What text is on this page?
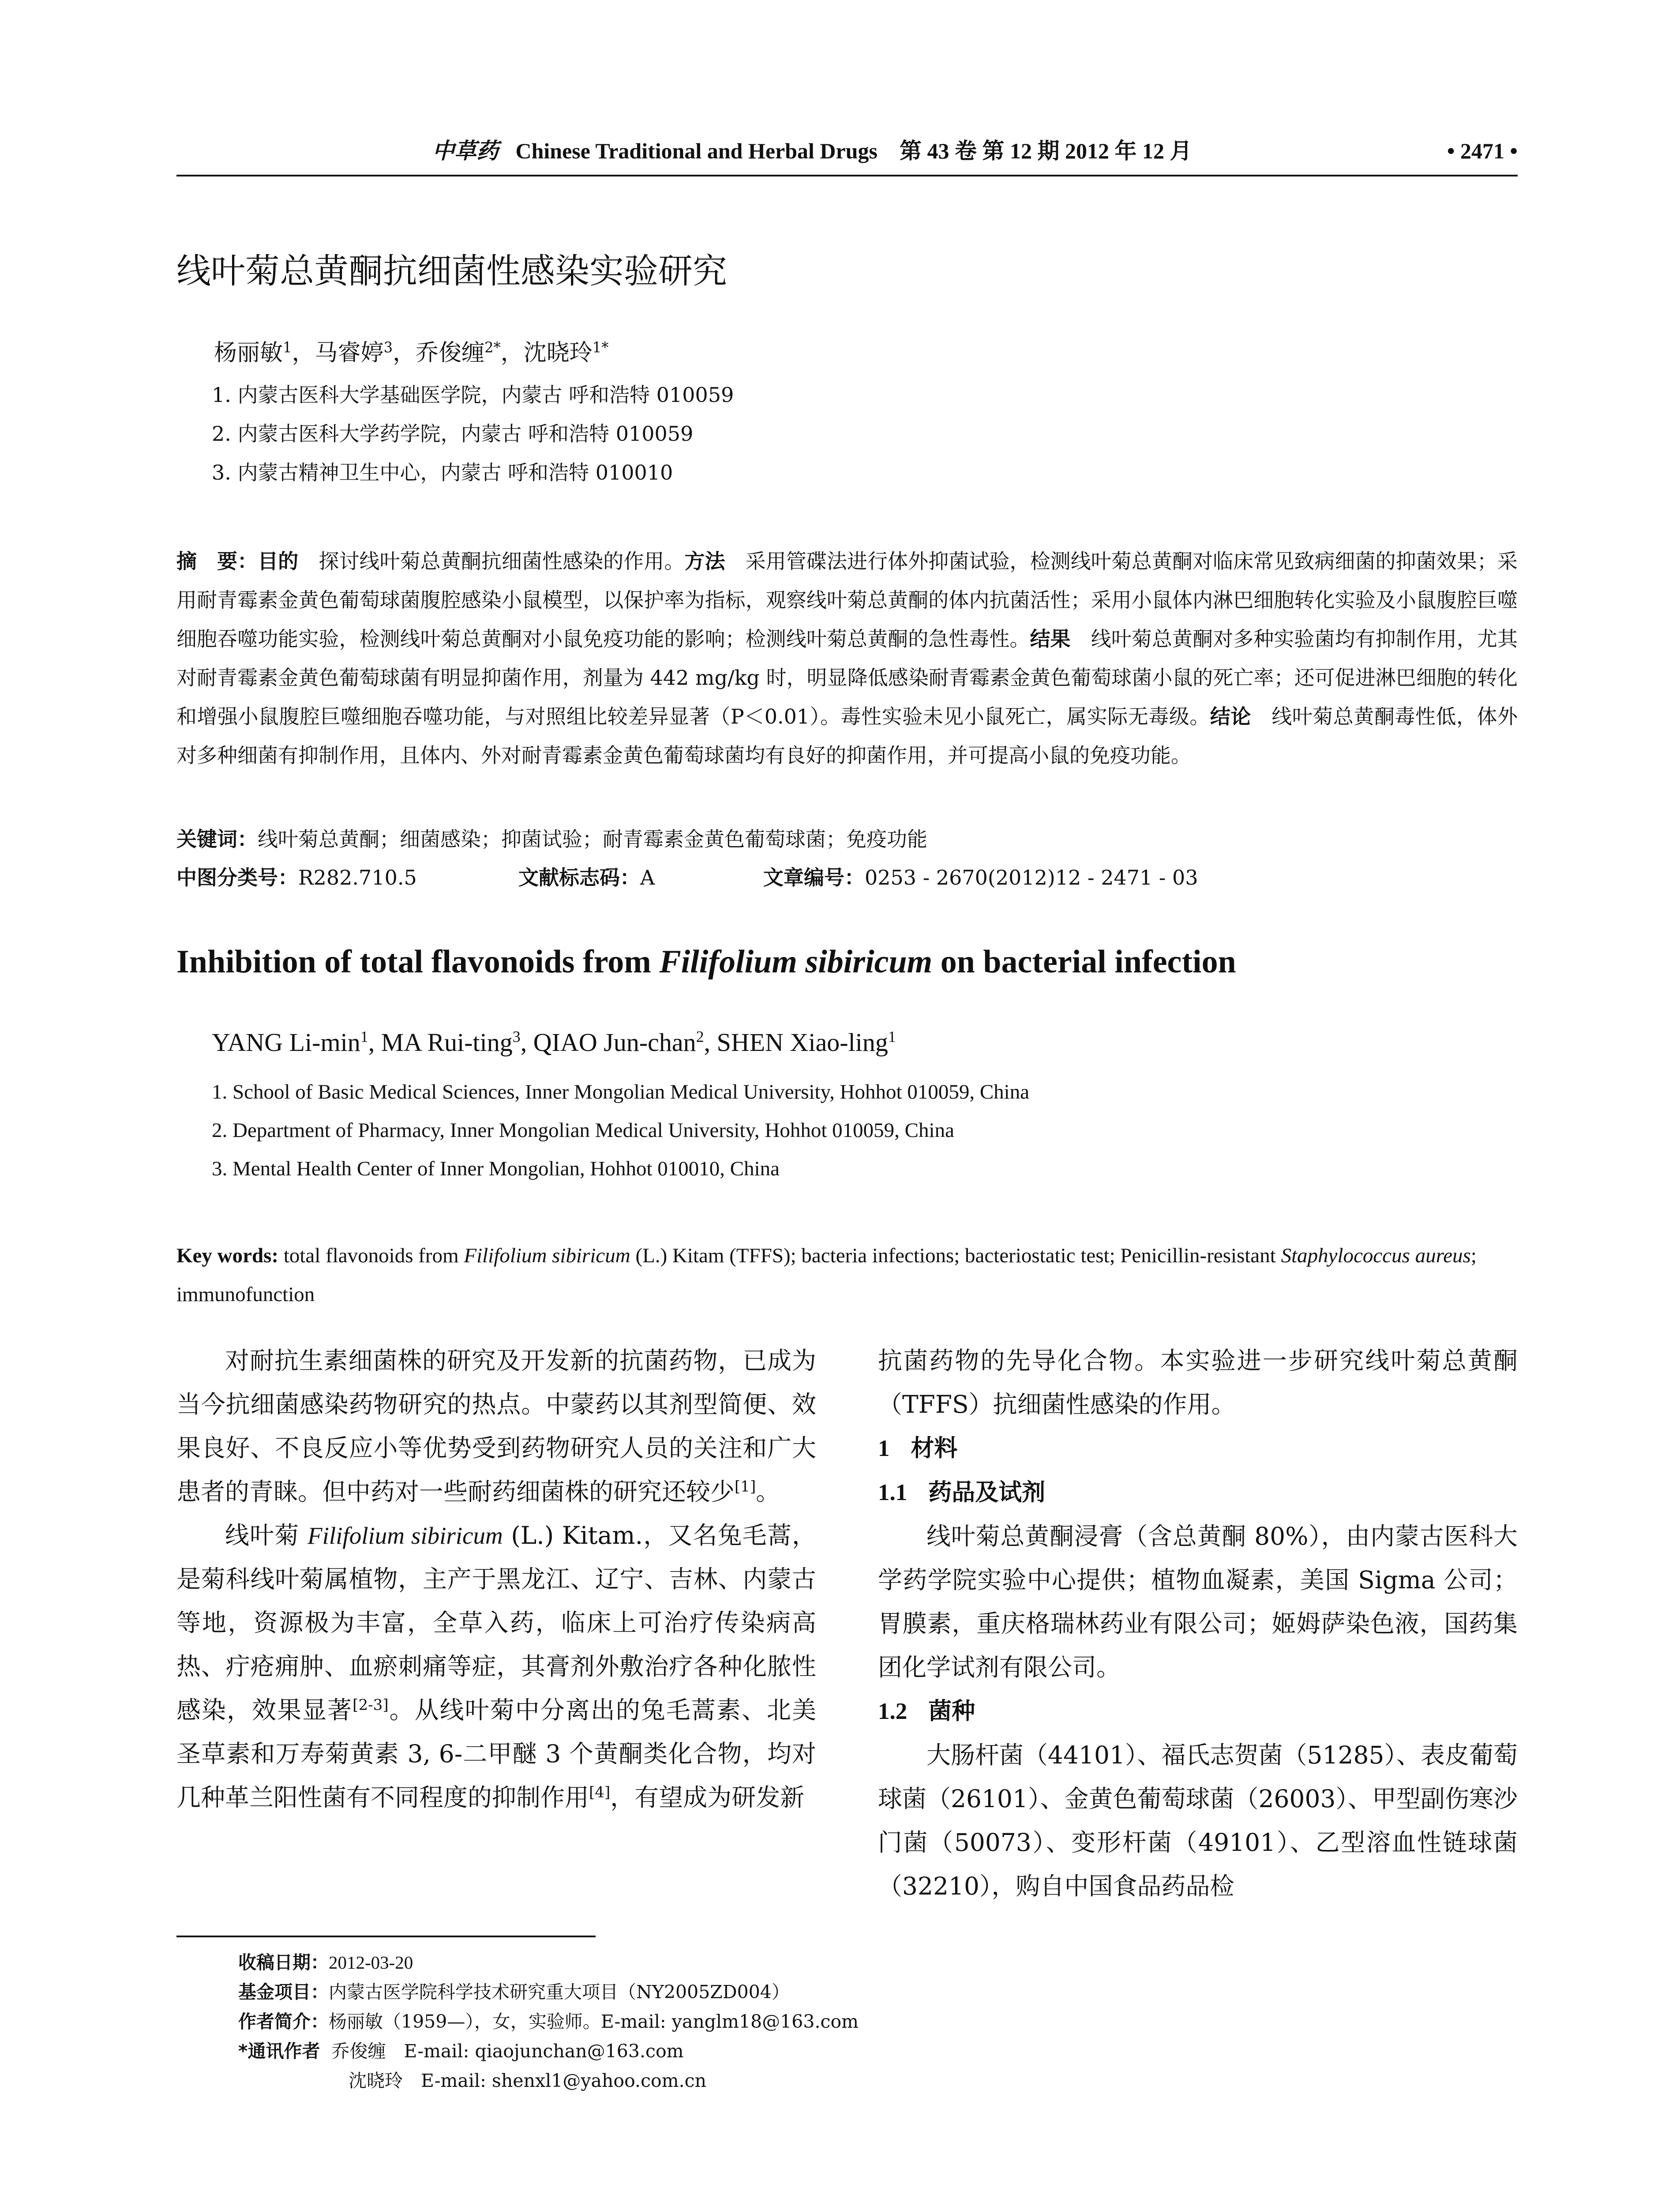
中草药 Chinese Traditional and Herbal Drugs 第 43 卷 第 12 期 2012 年 12 月	• 2471 •
线叶菊总黄酮抗细菌性感染实验研究
杨丽敏$^1$，马睿婷$^3$，乔俊缠$^{2*}$，沈晓玲$^{1*}$
1. 内蒙古医科大学基础医学院，内蒙古 呼和浩特 010059
2. 内蒙古医科大学药学院，内蒙古 呼和浩特 010059
3. 内蒙古精神卫生中心，内蒙古 呼和浩特 010010
摘　要：目的　探讨线叶菊总黄酮抗细菌性感染的作用。方法　采用管碟法进行体外抑菌试验，检测线叶菊总黄酮对临床常见致病细菌的抑菌效果；采用耐青霉素金黄色葡萄球菌腹腔感染小鼠模型，以保护率为指标，观察线叶菊总黄酮的体内抗菌活性；采用小鼠体内淋巴细胞转化实验及小鼠腹腔巨噬细胞吞噬功能实验，检测线叶菊总黄酮对小鼠免疫功能的影响；检测线叶菊总黄酮的急性毒性。结果　线叶菊总黄酮对多种实验菌均有抑制作用，尤其对耐青霉素金黄色葡萄球菌有明显抑菌作用，剂量为 442 mg/kg 时，明显降低感染耐青霉素金黄色葡萄球菌小鼠的死亡率；还可促进淋巴细胞的转化和增强小鼠腹腔巨噬细胞吞噬功能，与对照组比较差异显著（P＜0.01）。毒性实验未见小鼠死亡，属实际无毒级。结论　线叶菊总黄酮毒性低，体外对多种细菌有抑制作用，且体内、外对耐青霉素金黄色葡萄球菌均有良好的抑菌作用，并可提高小鼠的免疫功能。
关键词：线叶菊总黄酮；细菌感染；抑菌试验；耐青霉素金黄色葡萄球菌；免疫功能
中图分类号：R282.710.5	文献标志码：A	文章编号：0253 - 2670(2012)12 - 2471 - 03
Inhibition of total flavonoids from Filifolium sibiricum on bacterial infection
YANG $Li-\min^1$, MA Rui-ting$^3$, QIAO Jun-chan$^2$, SHEN Xiao-ling$^1$
1. School of Basic Medical Sciences, Inner Mongolian Medical University, Hohhot 010059, China
2. Department of Pharmacy, Inner Mongolian Medical University, Hohhot 010059, China
3. Mental Health Center of Inner Mongolian, Hohhot 010010, China
Key words: total flavonoids from Filifolium sibiricum (L.) Kitam (TFFS); bacteria infections; bacteriostatic test; Penicillin-resistant Staphylococcus aureus; immunofunction

对耐抗生素细菌株的研究及开发新的抗菌药物，已成为当今抗细菌感染药物研究的热点。中蒙药以其剂型简便、效果良好、不良反应小等优势受到药物研究人员的关注和广大患者的青睐。但中药对一些耐药细菌株的研究还较少[1]。

线叶菊 Filifolium sibiricum (L.) Kitam.，又名兔毛蒿，是菊科线叶菊属植物，主产于黑龙江、辽宁、吉林、内蒙古等地，资源极为丰富，全草入药，临床上可治疗传染病高热、疔疮痈肿、血瘀刺痛等症，其膏剂外敷治疗各种化脓性感染，效果显著[2-3]。从线叶菊中分离出的兔毛蒿素、北美圣草素和万寿菊黄素 3, 6-二甲醚 3 个黄酮类化合物，均对几种革兰阳性菌有不同程度的抑制作用[4]，有望成为研发新

抗菌药物的先导化合物。本实验进一步研究线叶菊总黄酮（TFFS）抗细菌性感染的作用。

1 材料

1.1 药品及试剂

线叶菊总黄酮浸膏（含总黄酮 80%），由内蒙古医科大学药学院实验中心提供；植物血凝素，美国 Sigma 公司；胃膜素，重庆格瑞林药业有限公司；姬姆萨染色液，国药集团化学试剂有限公司。

1.2 菌种

大肠杆菌（44101）、福氏志贺菌（51285）、表皮葡萄球菌（26101）、金黄色葡萄球菌（26003）、甲型副伤寒沙门菌（50073）、变形杆菌（49101）、乙型溶血性链球菌（32210），购自中国食品药品检

收稿日期：2012-03-20
基金项目：内蒙古医学院科学技术研究重大项目（NY2005ZD004）
作者简介：杨丽敏（1959—），女，实验师。E-mail: yanglm18@163.com
*通讯作者 乔俊缠　E-mail: qiaojunchan@163.com
沈晓玲　E-mail: shenxl1@yahoo.com.cn
